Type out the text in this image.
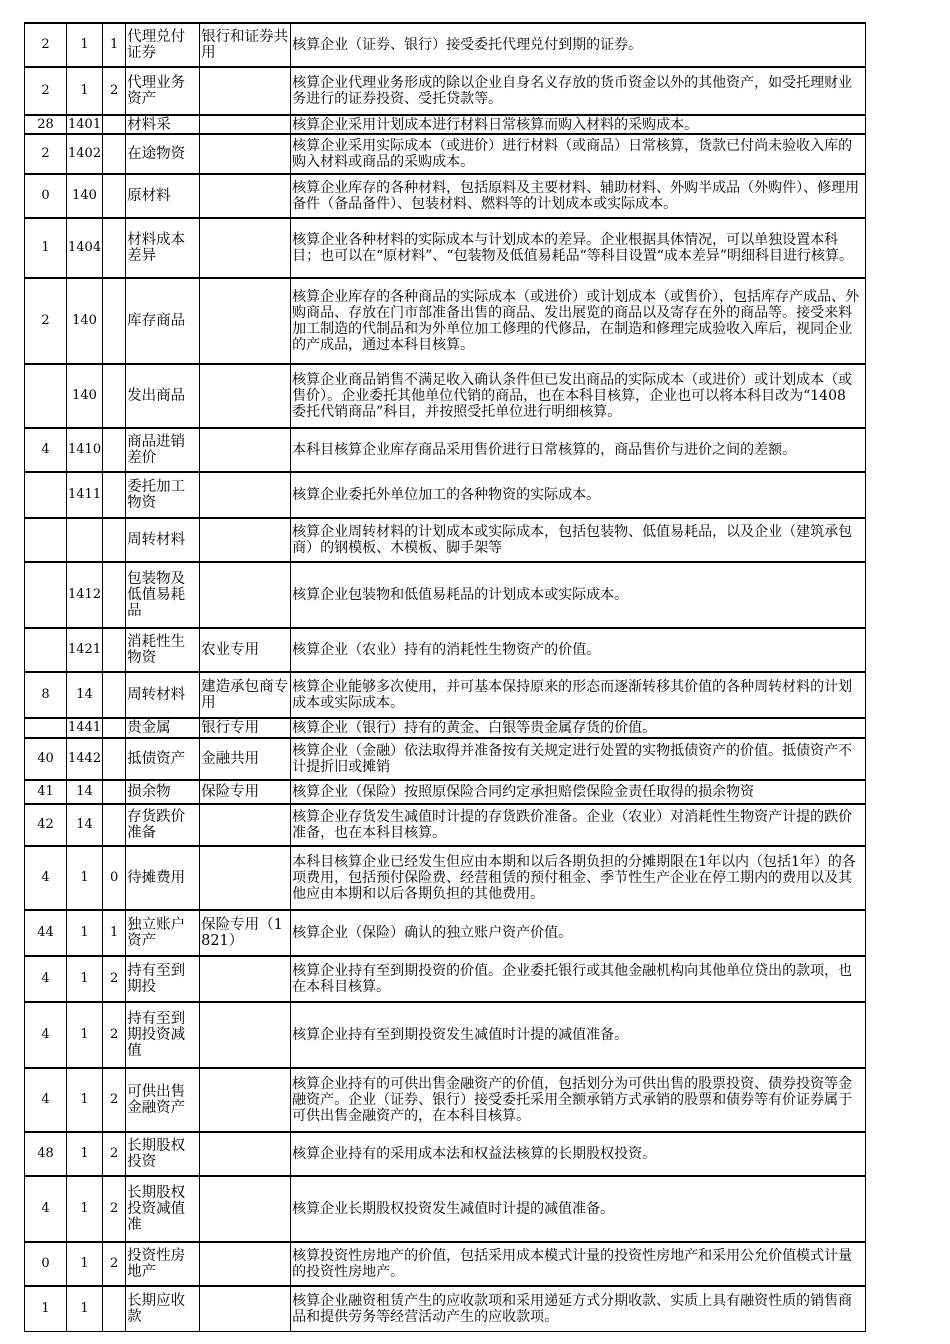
2	1	1	代理兑付证券	银行和证券共用	核算企业（证券、银行）接受委托代理兑付到期的证券。
2	1	2	代理业务资产		核算企业代理业务形成的除以企业自身名义存放的货币资金以外的其他资产，如受托理财业务进行的证券投资、受托贷款等。
28	1401		材料采		核算企业采用计划成本进行材料日常核算而购入材料的采购成本。
2	1402		在途物资		核算企业采用实际成本（或进价）进行材料（或商品）日常核算，货款已付尚未验收入库的购入材料或商品的采购成本。
0	140		原材料		核算企业库存的各种材料，包括原料及主要材料、辅助材料、外购半成品（外购件）、修理用备件（备品备件）、包装材料、燃料等的计划成本或实际成本。
1	1404		材料成本差异		核算企业各种材料的实际成本与计划成本的差异。企业根据具体情况，可以单独设置本科目；也可以在“原材料”、“包装物及低值易耗品“等科目设置“成本差异”明细科目进行核算。
2	140		库存商品		核算企业库存的各种商品的实际成本（或进价）或计划成本（或售价），包括库存产成品、外购商品、存放在门市部准备出售的商品、发出展览的商品以及寄存在外的商品等。接受来料加工制造的代制品和为外单位加工修理的代修品，在制造和修理完成验收入库后，视同企业的产成品，通过本科目核算。
	140		发出商品		核算企业商品销售不满足收入确认条件但已发出商品的实际成本（或进价）或计划成本（或售价）。企业委托其他单位代销的商品，也在本科目核算，企业也可以将本科目改为“1408 委托代销商品”科目，并按照受托单位进行明细核算。
4	1410		商品进销差价		本科目核算企业库存商品采用售价进行日常核算的，商品售价与进价之间的差额。
	1411		委托加工物资		核算企业委托外单位加工的各种物资的实际成本。
			周转材料		核算企业周转材料的计划成本或实际成本，包括包装物、低值易耗品，以及企业（建筑承包商）的钢模板、木模板、脚手架等
	1412		包装物及低值易耗品		核算企业包装物和低值易耗品的计划成本或实际成本。
	1421		消耗性生物资	农业专用	核算企业（农业）持有的消耗性生物资产的价值。
8	14		周转材料	建造承包商专用	核算企业能够多次使用，并可基本保持原来的形态而逐渐转移其价值的各种周转材料的计划成本或实际成本。
	1441		贵金属	银行专用	核算企业（银行）持有的黄金、白银等贵金属存货的价值。
40	1442		抵债资产	金融共用	核算企业（金融）依法取得并准备按有关规定进行处置的实物抵债资产的价值。抵债资产不计提折旧或摊销
41	14		损余物	保险专用	核算企业（保险）按照原保险合同约定承担赔偿保险金责任取得的损余物资
42	14		存货跌价准备		核算企业存货发生减值时计提的存货跌价准备。企业（农业）对消耗性生物资产计提的跌价准备，也在本科目核算。
4	1	0	待摊费用		本科目核算企业已经发生但应由本期和以后各期负担的分摊期限在1年以内（包括1年）的各项费用，包括预付保险费、经营租赁的预付租金、季节性生产企业在停工期内的费用以及其他应由本期和以后各期负担的其他费用。
44	1	1	独立账户资产	保险专用（1821）	核算企业（保险）确认的独立账户资产价值。
4	1	2	持有至到期投		核算企业持有至到期投资的价值。企业委托银行或其他金融机构向其他单位贷出的款项，也在本科目核算。
4	1	2	持有至到期投资减值		核算企业持有至到期投资发生减值时计提的减值准备。
4	1	2	可供出售金融资产		核算企业持有的可供出售金融资产的价值，包括划分为可供出售的股票投资、债券投资等金融资产。企业（证券、银行）接受委托采用全额承销方式承销的股票和债券等有价证券属于可供出售金融资产的，在本科目核算。
48	1	2	长期股权投资		核算企业持有的采用成本法和权益法核算的长期股权投资。
4	1	2	长期股权投资减值准		核算企业长期股权投资发生减值时计提的减值准备。
0	1	2	投资性房地产		核算投资性房地产的价值，包括采用成本模式计量的投资性房地产和采用公允价值模式计量的投资性房地产。
1	1		长期应收款		核算企业融资租赁产生的应收款项和采用递延方式分期收款、实质上具有融资性质的销售商品和提供劳务等经营活动产生的应收款项。
